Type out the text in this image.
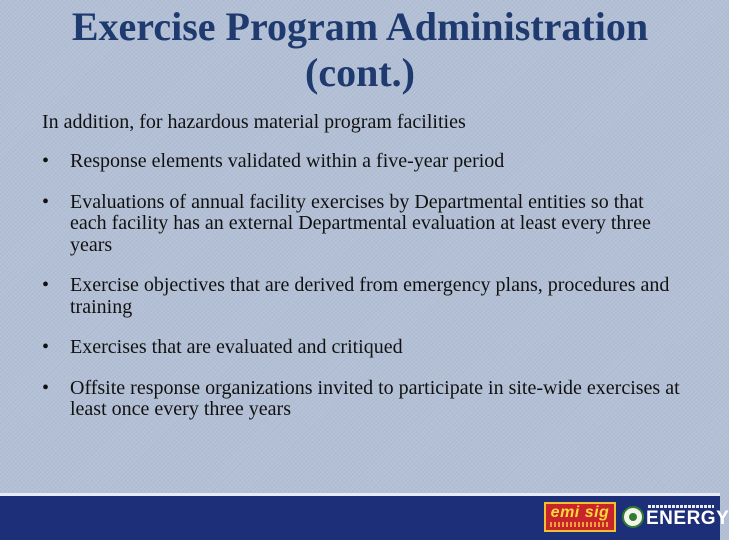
Exercise Program Administration
(cont.)
In addition, for hazardous material program facilities
• Response elements validated within a five-year period
• Evaluations of annual facility exercises by Departmental entities so that each facility has an external Departmental evaluation at least every three years
• Exercise objectives that are derived from emergency plans, procedures and training
• Exercises that are evaluated and critiqued
• Offsite response organizations invited to participate in site-wide exercises at least once every three years
emi sig ENERGY
